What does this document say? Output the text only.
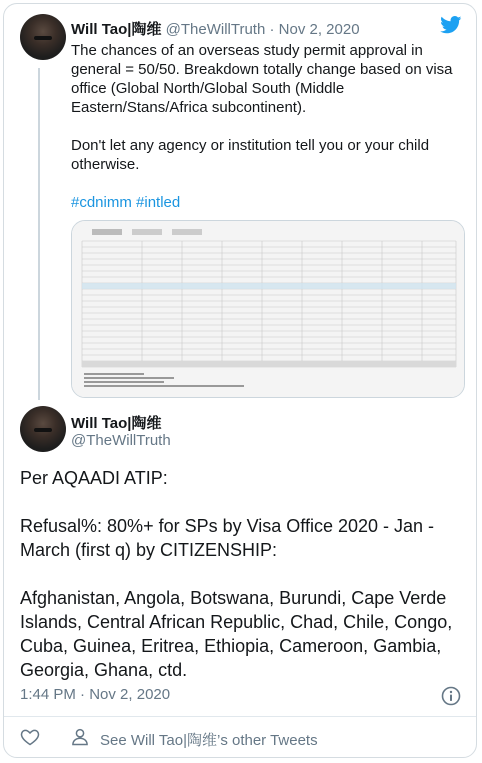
Will Tao|陶维 @TheWillTruth · Nov 2, 2020

The chances of an overseas study permit approval in general = 50/50. Breakdown totally change based on visa office (Global North/Global South (Middle Eastern/Stans/Africa subcontinent).

Don't let any agency or institution tell you or your child otherwise.

#cdnimm #intled

Will Tao|陶维
@TheWillTruth

Per AQAADI ATIP:

Refusal%: 80%+ for SPs by Visa Office 2020 - Jan - March (first q) by CITIZENSHIP:

Afghanistan, Angola, Botswana, Burundi, Cape Verde Islands, Central African Republic, Chad, Chile, Congo, Cuba, Guinea, Eritrea, Ethiopia, Cameroon, Gambia, Georgia, Ghana, ctd.

1:44 PM · Nov 2, 2020
See Will Tao|陶维’s other Tweets
